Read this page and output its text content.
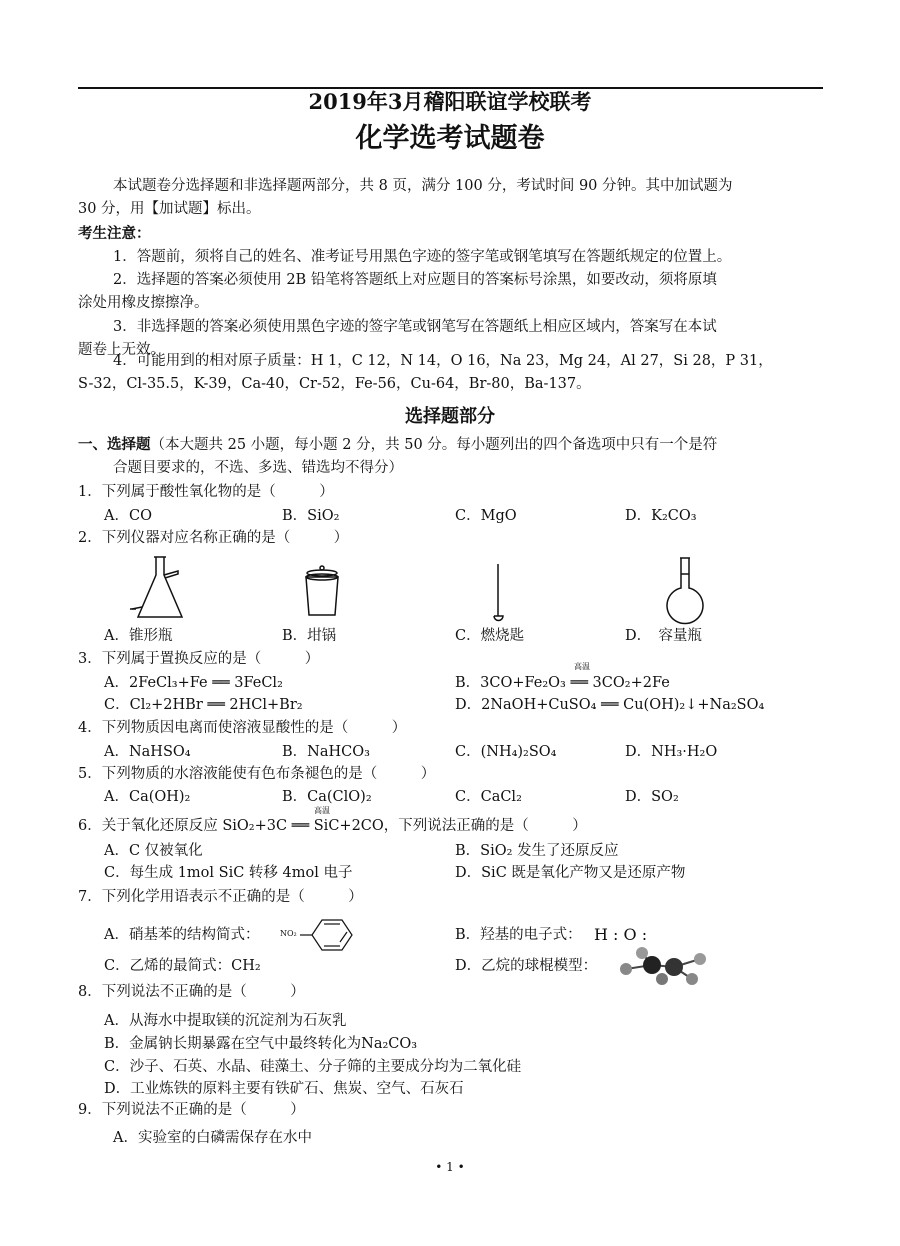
2019年3月稽阳联谊学校联考
化学选考试题卷
本试题卷分选择题和非选择题两部分，共 8 页，满分 100 分，考试时间 90 分钟。其中加试题为
30 分，用【加试题】标出。
考生注意：
1．答题前，须将自己的姓名、准考证号用黑色字迹的签字笔或钢笔填写在答题纸规定的位置上。
2．选择题的答案必须使用 2B 铅笔将答题纸上对应题目的答案标号涂黑，如要改动，须将原填
涂处用橡皮擦擦净。
3．非选择题的答案必须使用黑色字迹的签字笔或钢笔写在答题纸上相应区域内，答案写在本试
题卷上无效。
4．可能用到的相对原子质量：H 1，C 12，N 14，O 16，Na 23，Mg 24，Al 27，Si 28，P 31，
S-32，Cl-35.5，K-39，Ca-40，Cr-52，Fe-56，Cu-64，Br-80，Ba-137。
选择题部分
一、选择题（本大题共 25 小题，每小题 2 分，共 50 分。每小题列出的四个备选项中只有一个是符
合题目要求的，不选、多选、错选均不得分）
1．下列属于酸性氧化物的是（　　　）
A．CO	B．SiO₂	C．MgO	D．K₂CO₃
2．下列仪器对应名称正确的是（　　　）
A．锥形瓶	B．坩锅	C．燃烧匙	D．　容量瓶
3．下列属于置换反应的是（　　　）
A．2FeCl₃+Fe ══ 3FeCl₂	B．3CO+Fe₂O₃ ══ 3CO₂+2Fe
高温
C．Cl₂+2HBr ══ 2HCl+Br₂	D．2NaOH+CuSO₄ ══ Cu(OH)₂↓+Na₂SO₄
4．下列物质因电离而使溶液显酸性的是（　　　）
A．NaHSO₄	B．NaHCO₃	C．(NH₄)₂SO₄	D．NH₃·H₂O
5．下列物质的水溶液能使有色布条褪色的是（　　　）
A．Ca(OH)₂	B．Ca(ClO)₂	C．CaCl₂	D．SO₂
6．关于氧化还原反应 SiO₂+3C ══ SiC+2CO，下列说法正确的是（　　　）
高温
A．C 仅被氧化	B．SiO₂ 发生了还原反应
C．每生成 1mol SiC 转移 4mol 电子	D．SiC 既是氧化产物又是还原产物
7．下列化学用语表示不正确的是（　　　）
A．硝基苯的结构简式：	NO₂	B．羟基的电子式： H : O :
C．乙烯的最简式：CH₂	D．乙烷的球棍模型：
8．下列说法不正确的是（　　　）
A．从海水中提取镁的沉淀剂为石灰乳
B．金属钠长期暴露在空气中最终转化为Na₂CO₃
C．沙子、石英、水晶、硅藻土、分子筛的主要成分均为二氧化硅
D．工业炼铁的原料主要有铁矿石、焦炭、空气、石灰石
9．下列说法不正确的是（　　　）
A．实验室的白磷需保存在水中
• 1 •
